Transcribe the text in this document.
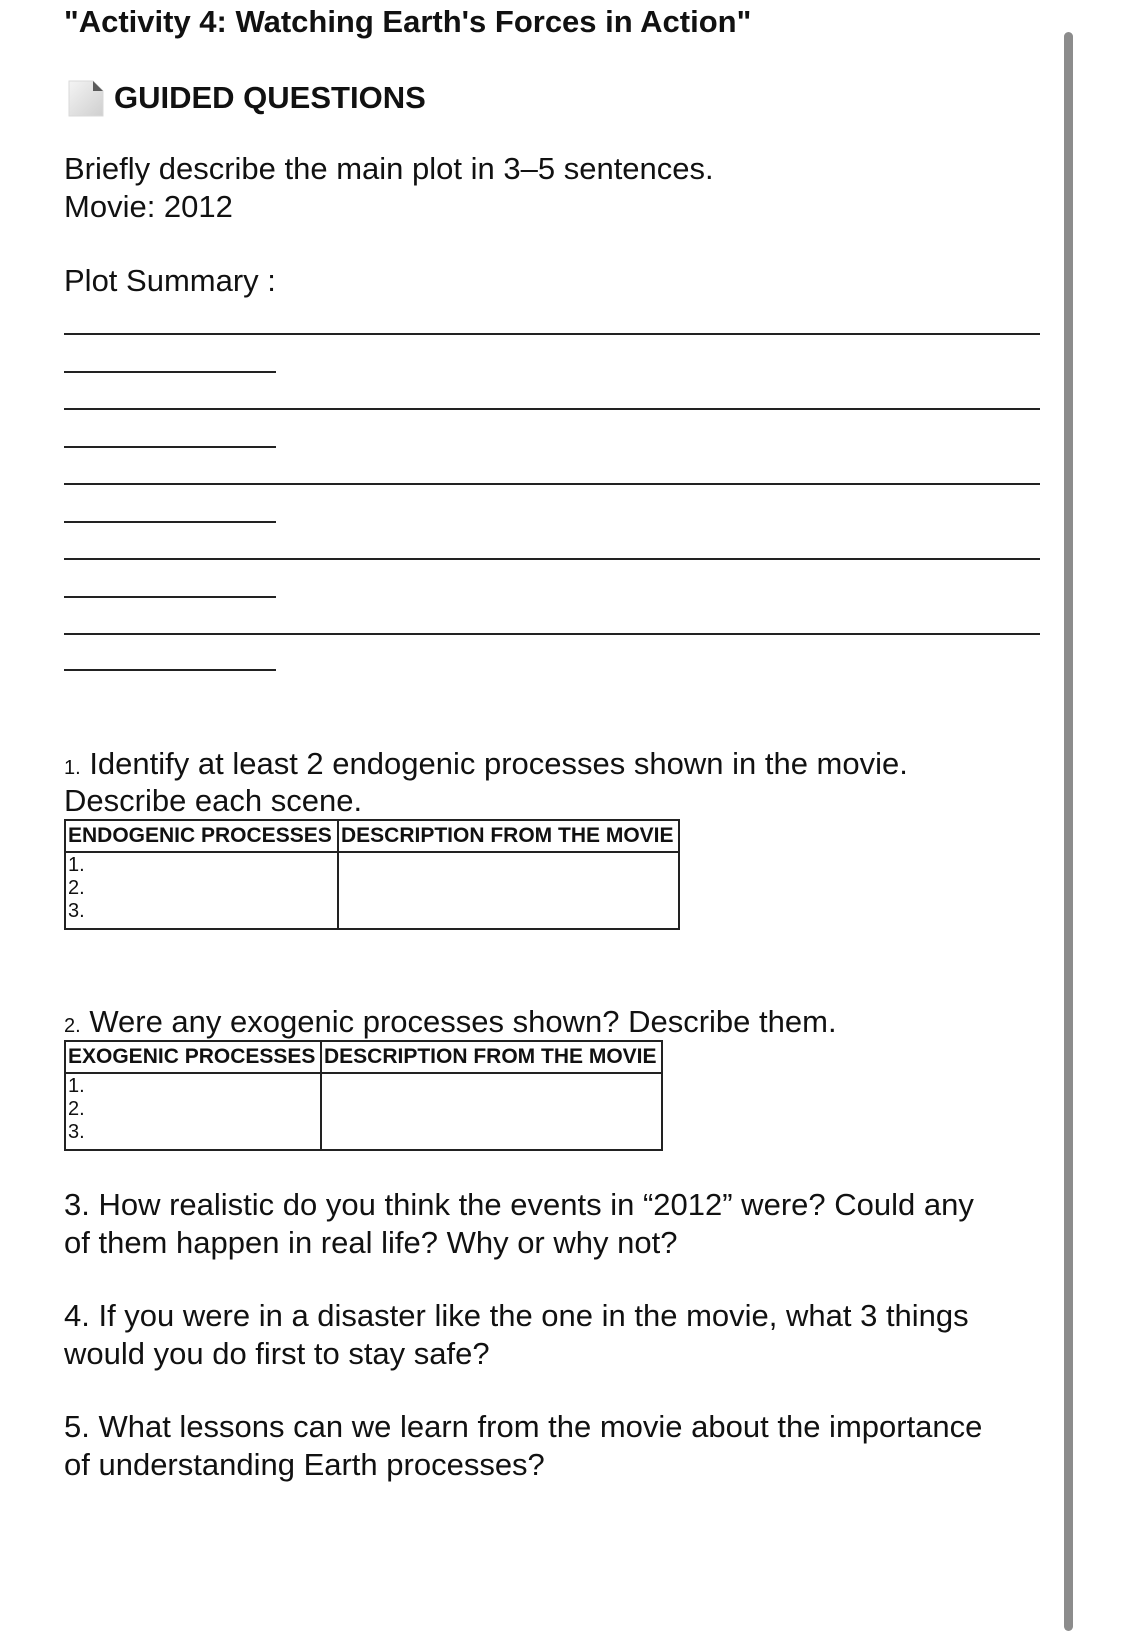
"Activity 4: Watching Earth's Forces in Action"
GUIDED QUESTIONS
Briefly describe the main plot in 3–5 sentences.
Movie: 2012
Plot Summary :
1. Identify at least 2 endogenic processes shown in the movie.
Describe each scene.
ENDOGENIC PROCESSES	DESCRIPTION FROM THE MOVIE

1.
2.
3.	

2. Were any exogenic processes shown? Describe them.
EXOGENIC PROCESSES	DESCRIPTION FROM THE MOVIE

1.
2.
3.	

3. How realistic do you think the events in “2012” were? Could any
of them happen in real life? Why or why not?
4. If you were in a disaster like the one in the movie, what 3 things
would you do first to stay safe?
5. What lessons can we learn from the movie about the importance
of understanding Earth processes?
